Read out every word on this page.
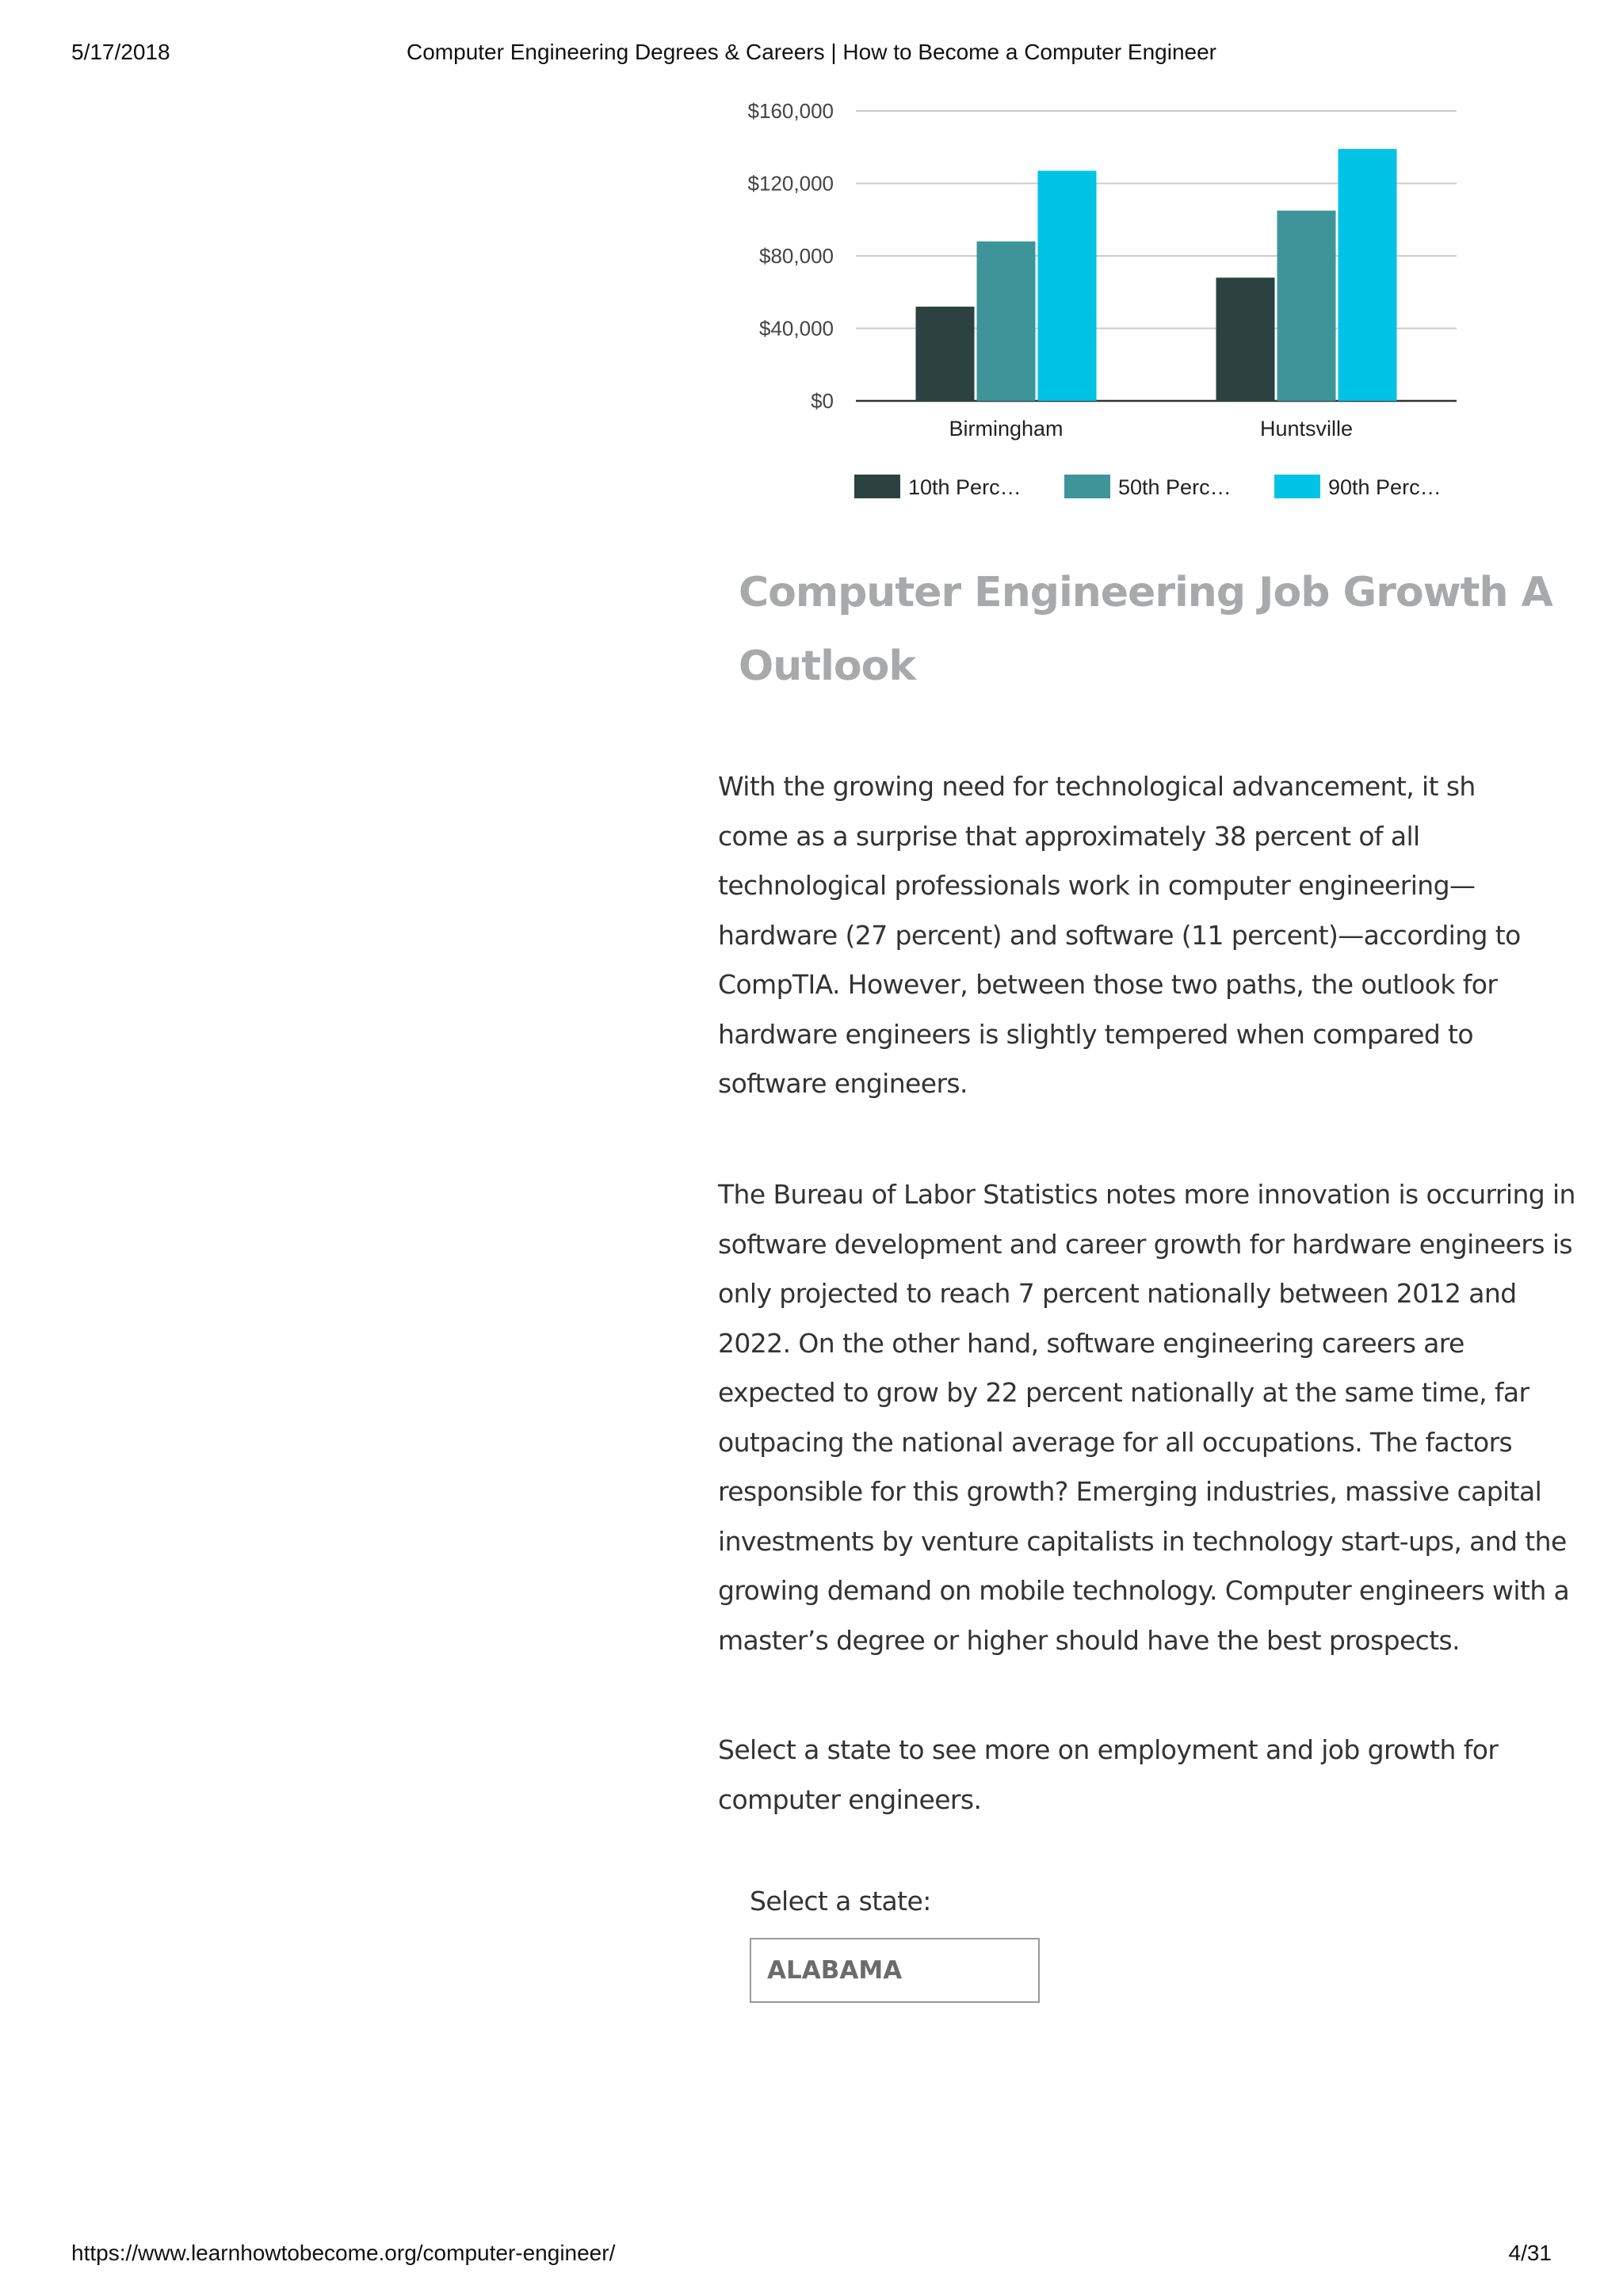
5/17/2018	Computer Engineering Degrees & Careers | How to Become a Computer Engineer
$0
$40,000
$80,000
$120,000
$160,000
Birmingham	Huntsville
10th Perc…	50th Perc…	90th Perc…
Computer Engineering Job Growth A
Outlook

With the growing need for technological advancement, it sh
come as a surprise that approximately 38 percent of all
technological professionals work in computer engineering—
hardware (27 percent) and software (11 percent)—according to
CompTIA. However, between those two paths, the outlook for
hardware engineers is slightly tempered when compared to
software engineers.

The Bureau of Labor Statistics notes more innovation is occurring in
software development and career growth for hardware engineers is
only projected to reach 7 percent nationally between 2012 and
2022. On the other hand, software engineering careers are
expected to grow by 22 percent nationally at the same time, far
outpacing the national average for all occupations. The factors
responsible for this growth? Emerging industries, massive capital
investments by venture capitalists in technology start-ups, and the
growing demand on mobile technology. Computer engineers with a
master’s degree or higher should have the best prospects.

Select a state to see more on employment and job growth for
computer engineers.

Select a state:

ALABAMA
https://www.learnhowtobecome.org/computer-engineer/	4/31
